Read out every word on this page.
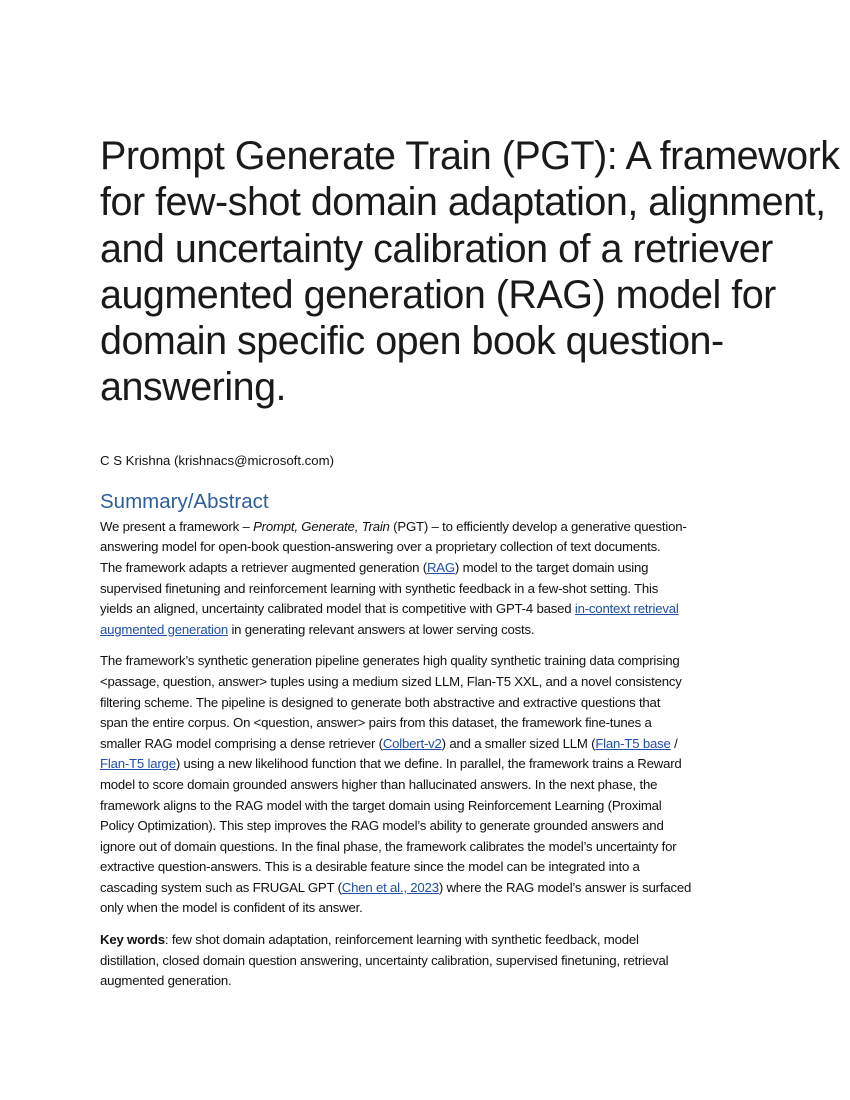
Prompt Generate Train (PGT): A framework
for few-shot domain adaptation, alignment,
and uncertainty calibration of a retriever
augmented generation (RAG) model for
domain specific open book question-
answering.
C S Krishna (krishnacs@microsoft.com)
Summary/Abstract
We present a framework – Prompt, Generate, Train (PGT) – to efficiently develop a generative question-
answering model for open-book question-answering over a proprietary collection of text documents.
The framework adapts a retriever augmented generation (RAG) model to the target domain using
supervised finetuning and reinforcement learning with synthetic feedback in a few-shot setting. This
yields an aligned, uncertainty calibrated model that is competitive with GPT-4 based in-context retrieval
augmented generation in generating relevant answers at lower serving costs.
The framework’s synthetic generation pipeline generates high quality synthetic training data comprising
<passage, question, answer> tuples using a medium sized LLM, Flan-T5 XXL, and a novel consistency
filtering scheme. The pipeline is designed to generate both abstractive and extractive questions that
span the entire corpus. On <question, answer> pairs from this dataset, the framework fine-tunes a
smaller RAG model comprising a dense retriever (Colbert-v2) and a smaller sized LLM (Flan-T5 base /
Flan-T5 large) using a new likelihood function that we define. In parallel, the framework trains a Reward
model to score domain grounded answers higher than hallucinated answers. In the next phase, the
framework aligns to the RAG model with the target domain using Reinforcement Learning (Proximal
Policy Optimization). This step improves the RAG model’s ability to generate grounded answers and
ignore out of domain questions. In the final phase, the framework calibrates the model’s uncertainty for
extractive question-answers. This is a desirable feature since the model can be integrated into a
cascading system such as FRUGAL GPT (Chen et al., 2023) where the RAG model’s answer is surfaced
only when the model is confident of its answer.
Key words: few shot domain adaptation, reinforcement learning with synthetic feedback, model
distillation, closed domain question answering, uncertainty calibration, supervised finetuning, retrieval
augmented generation.
